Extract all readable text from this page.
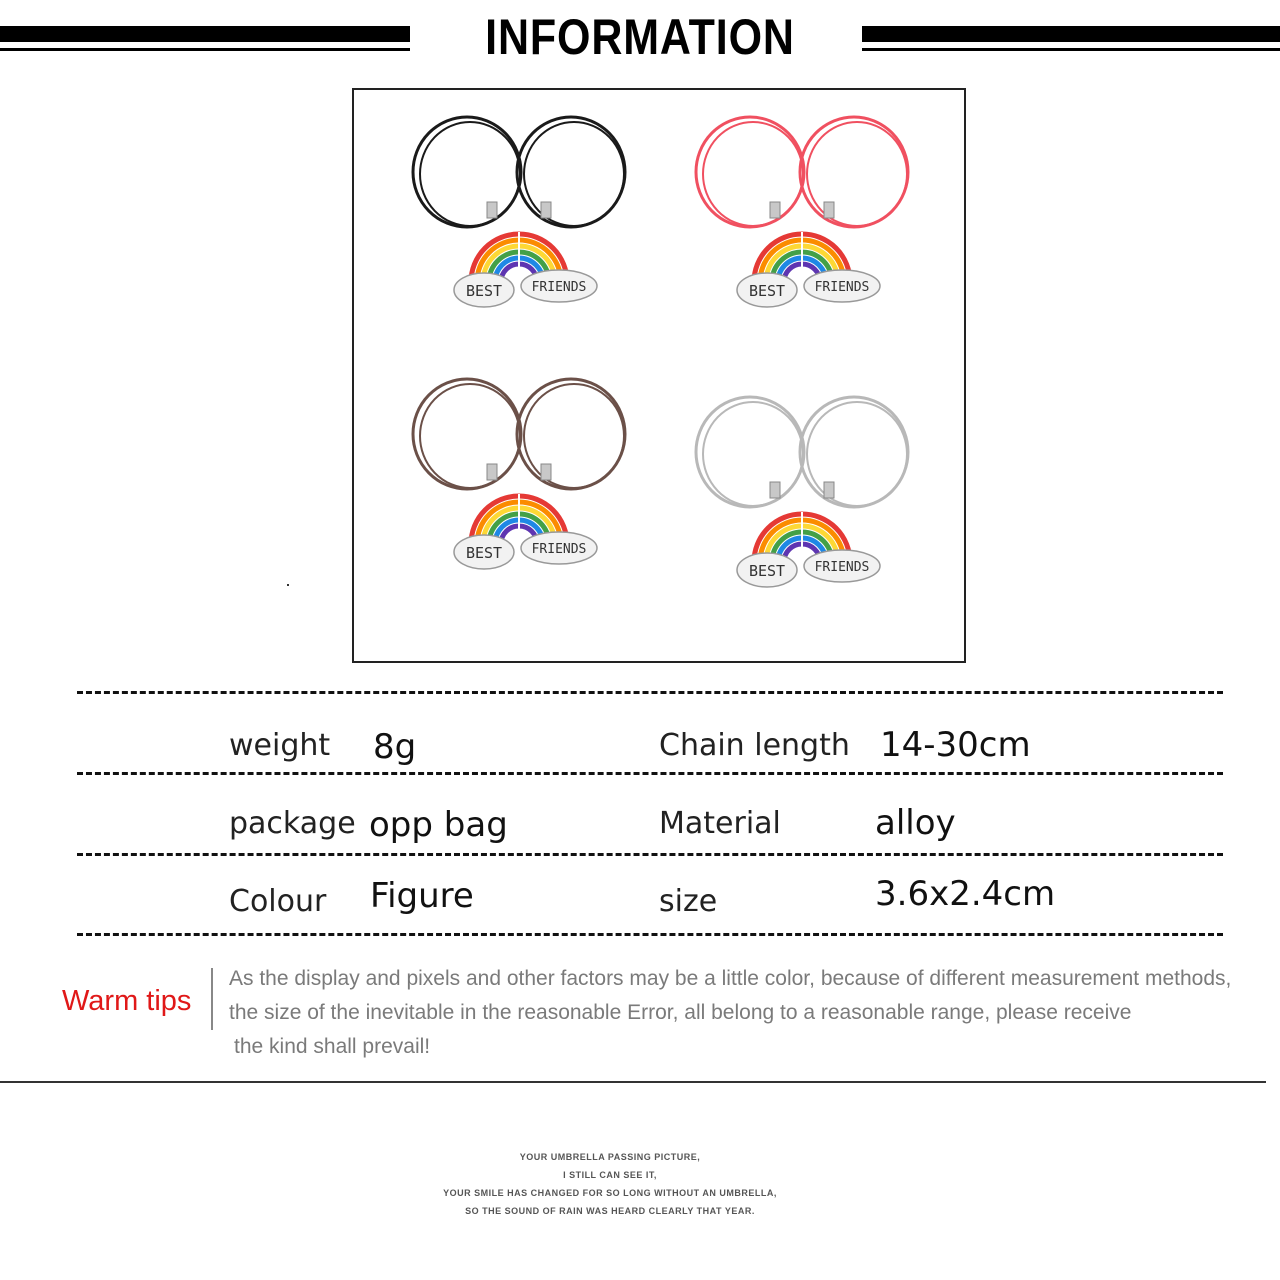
INFORMATION
BEST FRIENDS	BEST FRIENDS
BEST FRIENDS
BEST FRIENDS
weight 8g	Chain length 14-30cm
package opp bag	Material	alloy
Colour Figure	size	3.6x2.4cm
Warm tips
As the display and pixels and other factors may be a little color, because of different measurement methods,
the size of the inevitable in the reasonable Error, all belong to a reasonable range, please receive
the kind shall prevail!
YOUR UMBRELLA PASSING PICTURE,
I STILL CAN SEE IT,
YOUR SMILE HAS CHANGED FOR SO LONG WITHOUT AN UMBRELLA,
SO THE SOUND OF RAIN WAS HEARD CLEARLY THAT YEAR.
